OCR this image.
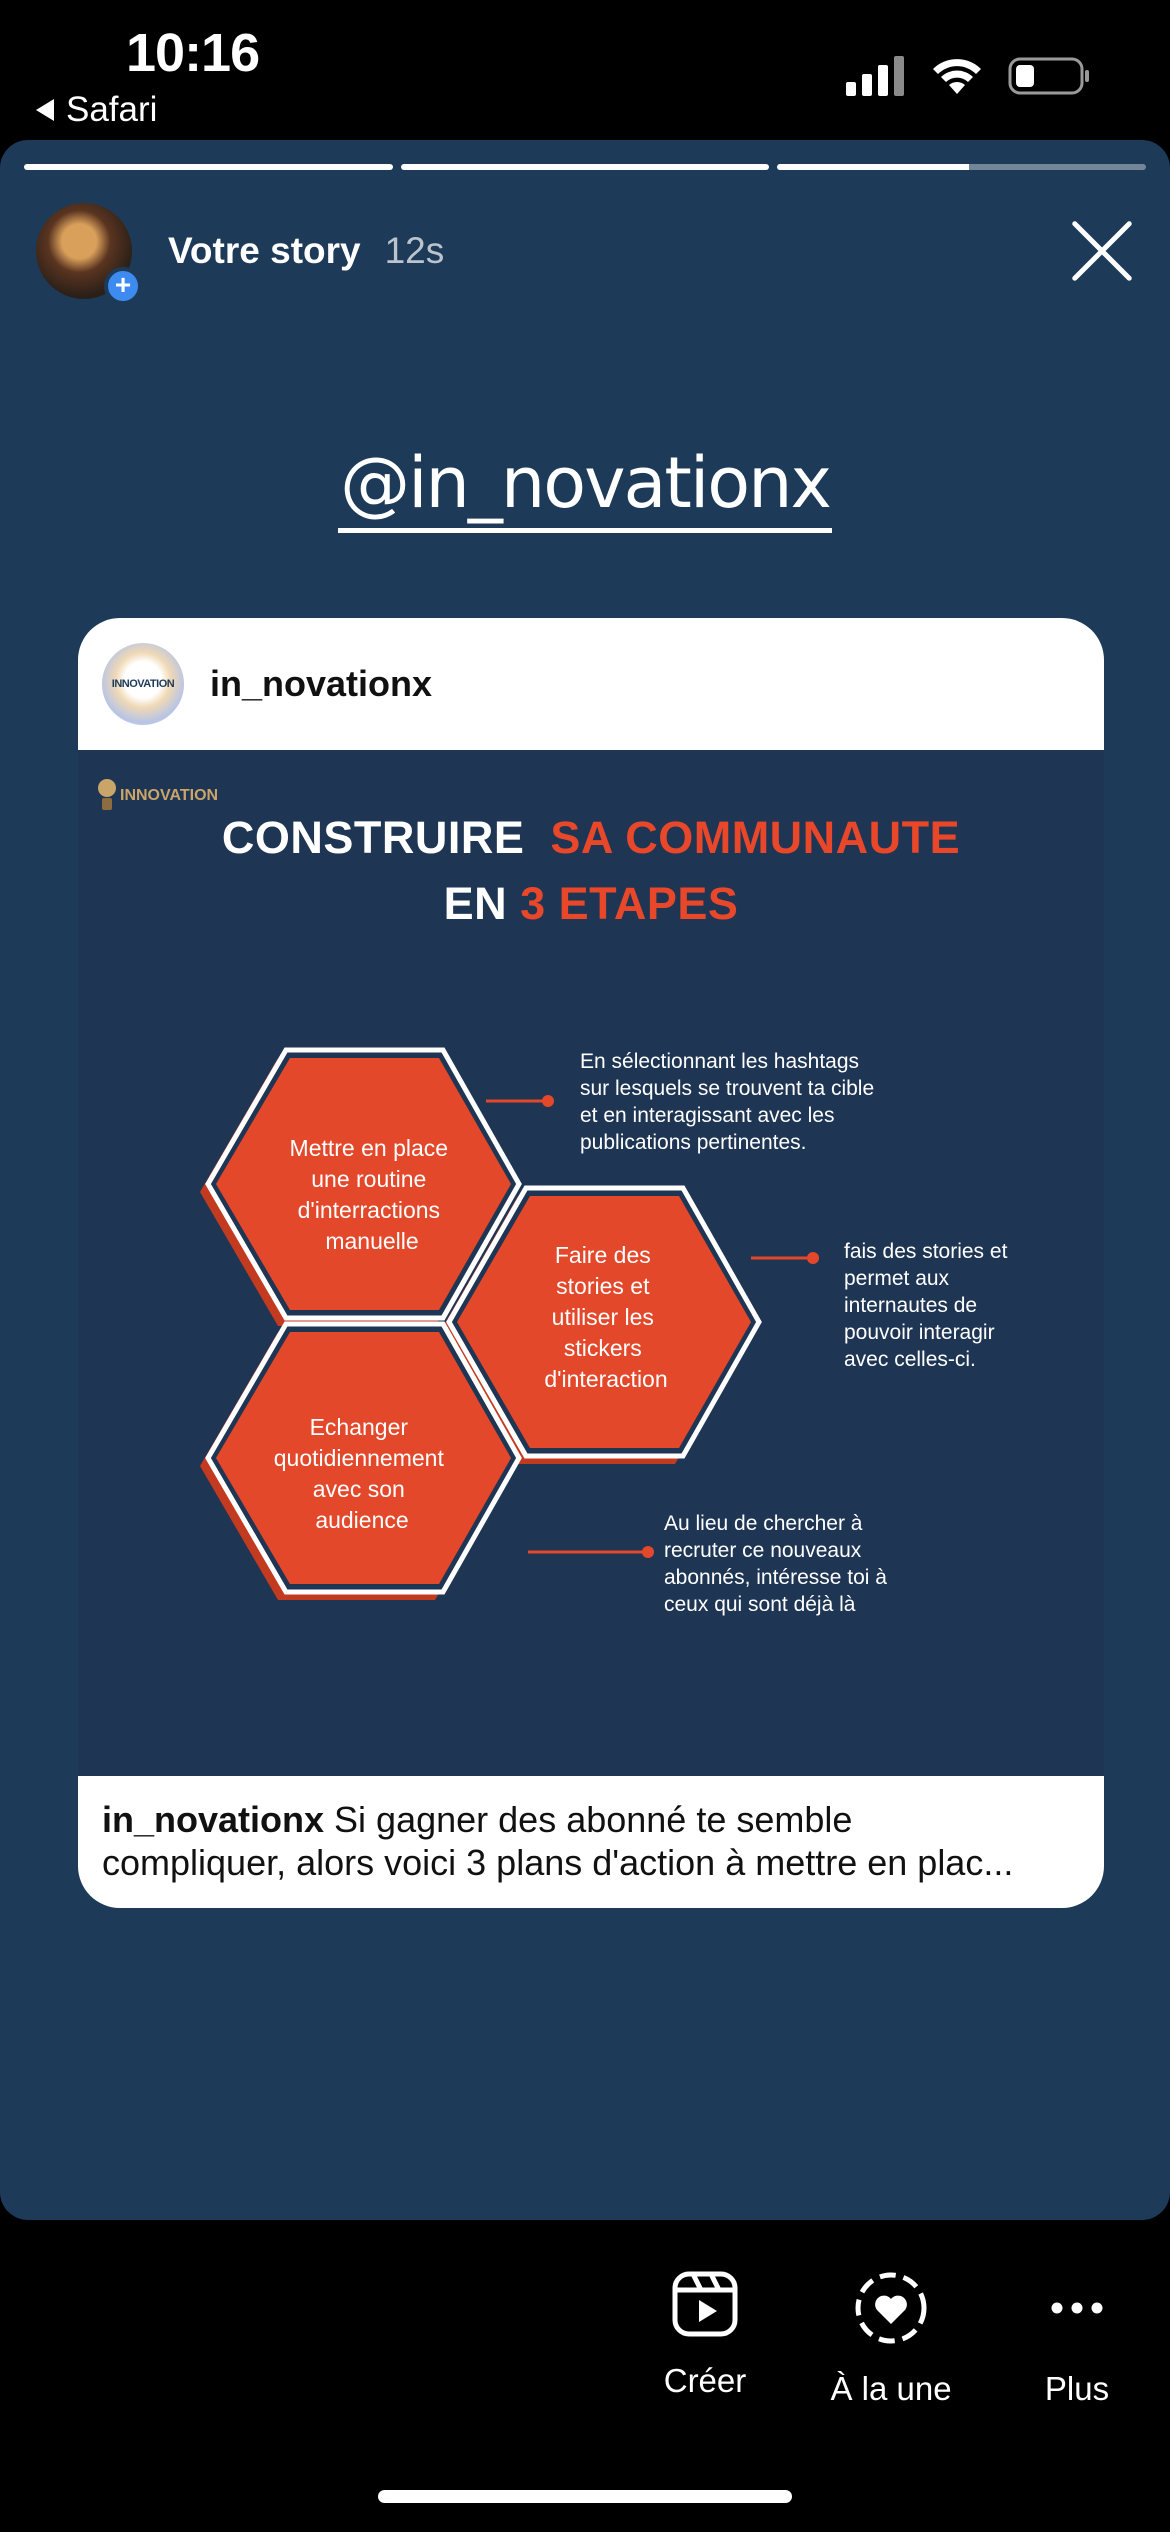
10:16
Safari
+
Votre story 12s
@in_novationx
INNOVATION in_novationx
INNOVATION
CONSTRUIRE SA COMMUNAUTE
EN 3 ETAPES
Mettre en place une routine d'interractions manuelle
Faire des stories et utiliser les stickers d'interaction
Echanger quotidiennement avec son audience
En sélectionnant les hashtags
sur lesquels se trouvent ta cible
et en interagissant avec les
publications pertinentes.
fais des stories et
permet aux
internautes de
pouvoir interagir
avec celles-ci.
Au lieu de chercher à
recruter ce nouveaux
abonnés, intéresse toi à
ceux qui sont déjà là
in_novationx Si gagner des abonné te semble
compliquer, alors voici 3 plans d'action à mettre en plac...
Créer	À la une	Plus
